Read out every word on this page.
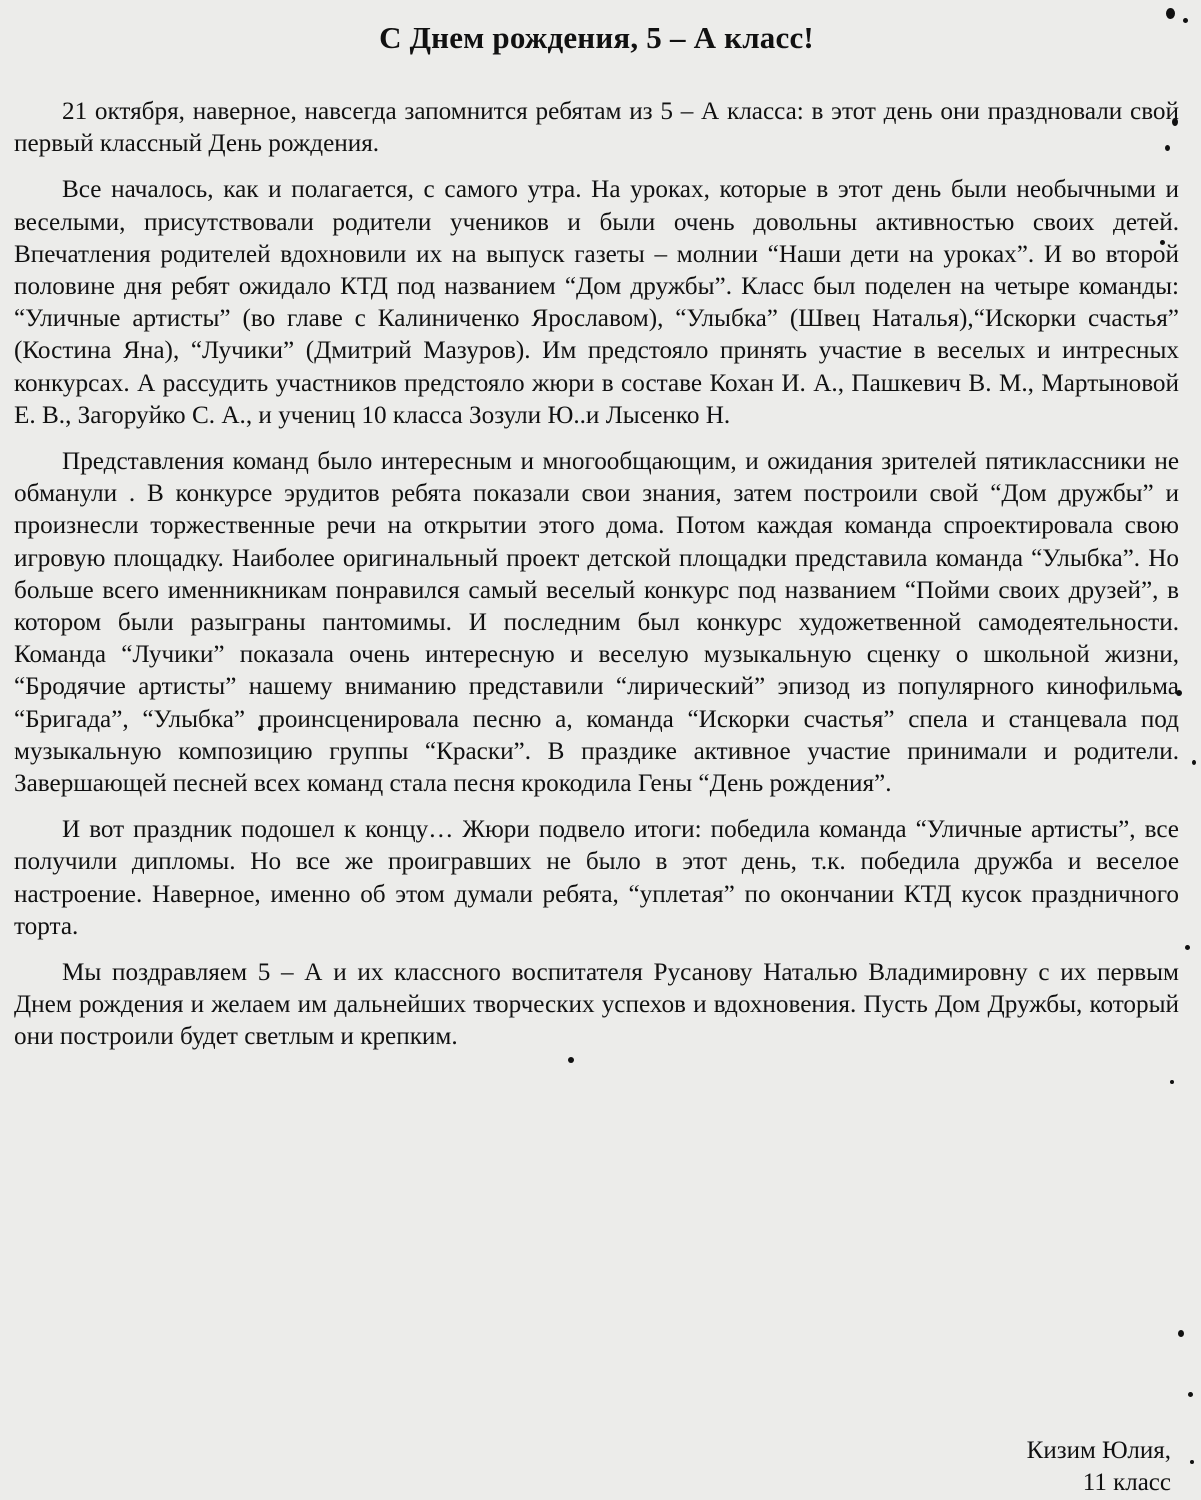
С Днем рождения, 5 – А класс!

21 октября, наверное, навсегда запомнится ребятам из 5 – А класса: в этот день они праздновали свой первый классный День рождения.

Все началось, как и полагается, с самого утра. На уроках, которые в этот день были необычными и веселыми, присутствовали родители учеников и были очень довольны активностью своих детей. Впечатления родителей вдохновили их на выпуск газеты – молнии “Наши дети на уроках”. И во второй половине дня ребят ожидало КТД под названием “Дом дружбы”. Класс был поделен на четыре команды: “Уличные артисты” (во главе с Калиниченко Ярославом), “Улыбка” (Швец Наталья),“Искорки счастья” (Костина Яна), “Лучики” (Дмитрий Мазуров). Им предстояло принять участие в веселых и интресных конкурсах. А рассудить участников предстояло жюри в составе Кохан И. А., Пашкевич В. М., Мартыновой Е. В., Загоруйко С. А., и учениц 10 класса Зозули Ю..и Лысенко Н.

Представления команд было интересным и многообщающим, и ожидания зрителей пятиклассники не обманули . В конкурсе эрудитов ребята показали свои знания, затем построили свой “Дом дружбы” и произнесли торжественные речи на открытии этого дома. Потом каждая команда спроектировала свою игровую площадку. Наиболее оригинальный проект детской площадки представила команда “Улыбка”. Но больше всего именникникам понравился самый веселый конкурс под названием “Пойми своих друзей”, в котором были разыграны пантомимы. И последним был конкурс художетвенной самодеятельности. Команда “Лучики” показала очень интересную и веселую музыкальную сценку о школьной жизни, “Бродячие артисты” нашему вниманию представили “лирический” эпизод из популярного кинофильма “Бригада”, “Улыбка” проинсценировала песню а, команда “Искорки счастья” спела и станцевала под музыкальную композицию группы “Краски”. В праздике активное участие принимали и родители. Завершающей песней всех команд стала песня крокодила Гены “День рождения”.

И вот праздник подошел к концу… Жюри подвело итоги: победила команда “Уличные артисты”, все получили дипломы. Но все же проигравших не было в этот день, т.к. победила дружба и веселое настроение. Наверное, именно об этом думали ребята, “уплетая” по окончании КТД кусок праздничного торта.

Мы поздравляем 5 – А и их классного воспитателя Русанову Наталью Владимировну с их первым Днем рождения и желаем им дальнейших творческих успехов и вдохновения. Пусть Дом Дружбы, который они построили будет светлым и крепким.

Кизим Юлия,
11 класс
